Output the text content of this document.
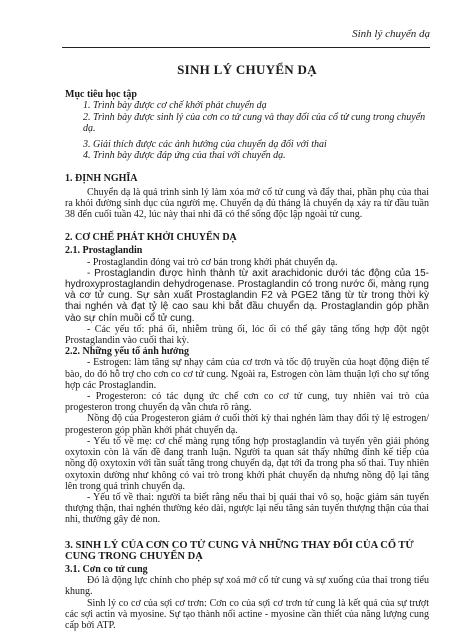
Sinh lý chuyển dạ
SINH LÝ CHUYỂN DẠ
Mục tiêu học tập
1. Trình bày được cơ chế khởi phát chuyển dạ
2. Trình bày được sinh lý của cơn co tử cung và thay đổi của cổ tử cung trong chuyển dạ.
3. Giải thích được các ảnh hưởng của chuyển dạ đối với thai
4. Trình bày được đáp ứng của thai với chuyển dạ.
1. ĐỊNH NGHĨA

Chuyển dạ là quá trình sinh lý làm xóa mở cổ tử cung và đẩy thai, phần phụ của thai ra khỏi đường sinh dục của người mẹ. Chuyển dạ đủ tháng là chuyển dạ xảy ra từ đầu tuần 38 đến cuối tuần 42, lúc này thai nhi đã có thể sống độc lập ngoài tử cung.

2. CƠ CHẾ PHÁT KHỞI CHUYỂN DẠ
2.1. Prostaglandin

- Prostaglandin đóng vai trò cơ bản trong khởi phát chuyển dạ.

- Prostaglandin được hình thành từ axit arachidonic dưới tác động của 15-hydroxyprostaglandin dehydrogenase. Prostaglandin có trong nước ối, màng rụng và cơ tử cung. Sự sản xuất Prostaglandin F2 và PGE2 tăng từ từ trong thời kỳ thai nghén và đạt tỷ lệ cao sau khi bắt đầu chuyển dạ. Prostaglandin góp phần vào sự chín muồi cổ tử cung.

- Các yếu tố: phá ối, nhiễm trùng ối, lóc ối có thể gây tăng tổng hợp đột ngột Prostaglandin vào cuối thai kỳ.

2.2. Những yếu tố ảnh hưởng

- Estrogen: làm tăng sự nhạy cảm của cơ trơn và tốc độ truyền của hoạt động điện tế bào, do đó hỗ trợ cho cơn co cơ tử cung. Ngoài ra, Estrogen còn làm thuận lợi cho sự tổng hợp các Prostaglandin.

- Progesteron: có tác dụng ức chế cơn co cơ tử cung, tuy nhiên vai trò của progesteron trong chuyển dạ vẫn chưa rõ ràng.

Nồng độ của Progesteron giảm ở cuối thời kỳ thai nghén làm thay đổi tỷ lệ estrogen/ progesteron góp phần khởi phát chuyển dạ.

- Yếu tố về mẹ: cơ chế màng rụng tổng hợp prostaglandin và tuyến yên giải phóng oxytoxin còn là vấn đề đang tranh luận. Người ta quan sát thấy những đỉnh kế tiếp của nồng độ oxytoxin với tần suất tăng trong chuyển dạ, đạt tới đa trong pha số thai. Tuy nhiên oxytoxin dường như không có vai trò trong khởi phát chuyển dạ nhưng nồng độ lại tăng lên trong quá trình chuyển dạ.

- Yếu tố về thai: người ta biết rằng nếu thai bị quái thai vô sọ, hoặc giảm sản tuyến thượng thận, thai nghén thường kéo dài, ngược lại nếu tăng sản tuyến thượng thận của thai nhi, thường gây đẻ non.

3. SINH LÝ CỦA CƠN CO TỬ CUNG VÀ NHỮNG THAY ĐỔI CỦA CỔ TỬ CUNG TRONG CHUYỂN DẠ
3.1. Cơn co tử cung

Đó là động lực chính cho phép sự xoá mở cổ tử cung và sự xuống của thai trong tiểu khung.

Sinh lý co cơ của sợi cơ trơn: Cơn co của sợi cơ trơn tử cung là kết quả của sự trượt các sợi actin và myosine. Sự tạo thành nối actine - myosine cần thiết của năng lượng cung cấp bởi ATP.
